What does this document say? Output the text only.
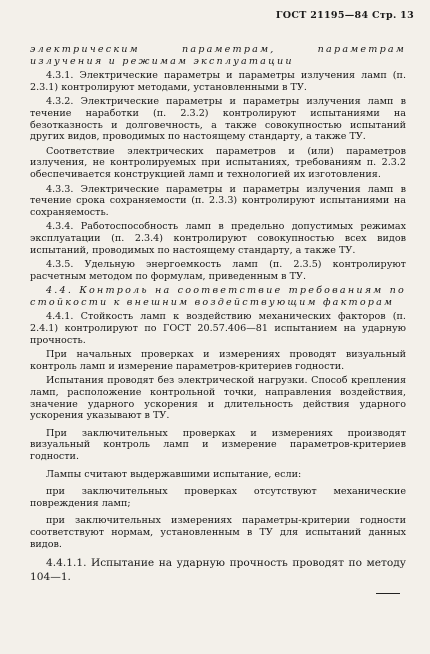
ГОСТ 21195—84 Стр. 13

электрическим параметрам, параметрам излучения и режимам эксплуатации

4.3.1. Электрические параметры и параметры излучения ламп (п. 2.3.1) контролируют методами, установленными в ТУ.

4.3.2. Электрические параметры и параметры излучения ламп в течение наработки (п. 2.3.2) контролируют испытаниями на безотказность и долговечность, а также совокупностью испытаний других видов, проводимых по настоящему стандарту, а также ТУ.

Соответствие электрических параметров и (или) параметров излучения, не контролируемых при испытаниях, требованиям п. 2.3.2 обеспечивается конструкцией ламп и технологией их изготовления.

4.3.3. Электрические параметры и параметры излучения ламп в течение срока сохраняемости (п. 2.3.3) контролируют испытаниями на сохраняемость.

4.3.4. Работоспособность ламп в предельно допустимых режимах эксплуатации (п. 2.3.4) контролируют совокупностью всех видов испытаний, проводимых по настоящему стандарту, а также ТУ.

4.3.5. Удельную энергоемкость ламп (п. 2.3.5) контролируют расчетным методом по формулам, приведенным в ТУ.

4.4. Контроль на соответствие требованиям по стойкости к внешним воздействующим факторам

4.4.1. Стойкость ламп к воздействию механических факторов (п. 2.4.1) контролируют по ГОСТ 20.57.406—81 испытанием на ударную прочность.

При начальных проверках и измерениях проводят визуальный контроль ламп и измерение параметров-критериев годности.

Испытания проводят без электрической нагрузки. Способ крепления ламп, расположение контрольной точки, направления воздействия, значение ударного ускорения и длительность действия ударного ускорения указывают в ТУ.

При заключительных проверках и измерениях производят визуальный контроль ламп и измерение параметров-критериев годности.

Лампы считают выдержавшими испытание, если:

при заключительных проверках отсутствуют механические повреждения ламп;

при заключительных измерениях параметры-критерии годности соответствуют нормам, установленным в ТУ для испытаний данных видов.

4.4.1.1. Испытание на ударную прочность проводят по методу 104—1.
